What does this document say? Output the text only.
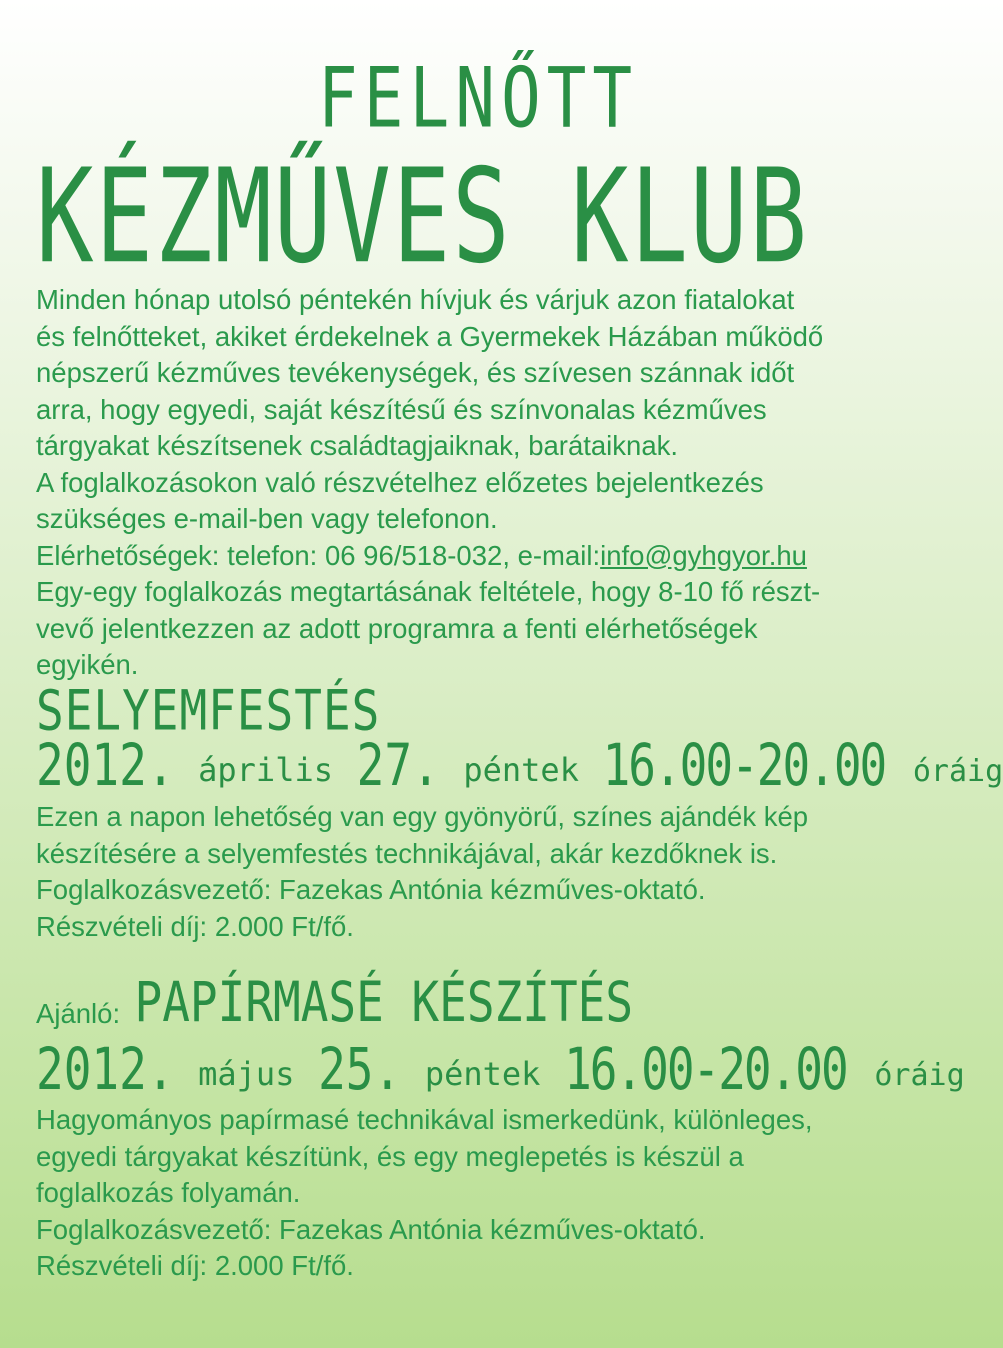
FELNŐTT
KÉZMŰVES KLUB
Minden hónap utolsó péntekén hívjuk és várjuk azon fiatalokat
és felnőtteket, akiket érdekelnek a Gyermekek Házában működő
népszerű kézműves tevékenységek, és szívesen szánnak időt
arra, hogy egyedi, saját készítésű és színvonalas kézműves
tárgyakat készítsenek családtagjaiknak, barátaiknak.
A foglalkozásokon való részvételhez előzetes bejelentkezés
szükséges e-mail-ben vagy telefonon.
Elérhetőségek: telefon: 06 96/518-032, e-mail:info@gyhgyor.hu
Egy-egy foglalkozás megtartásának feltétele, hogy 8-10 fő részt-
vevő jelentkezzen az adott programra a fenti elérhetőségek
egyikén.
SELYEMFESTÉS
2012. április 27. péntek 16.00-20.00 óráig
Ezen a napon lehetőség van egy gyönyörű, színes ajándék kép
készítésére a selyemfestés technikájával, akár kezdőknek is.
Foglalkozásvezető: Fazekas Antónia kézműves-oktató.
Részvételi díj: 2.000 Ft/fő.
Ajánló: PAPÍRMASÉ KÉSZÍTÉS
2012. május 25. péntek 16.00-20.00 óráig
Hagyományos papírmasé technikával ismerkedünk, különleges,
egyedi tárgyakat készítünk, és egy meglepetés is készül a
foglalkozás folyamán.
Foglalkozásvezető: Fazekas Antónia kézműves-oktató.
Részvételi díj: 2.000 Ft/fő.
